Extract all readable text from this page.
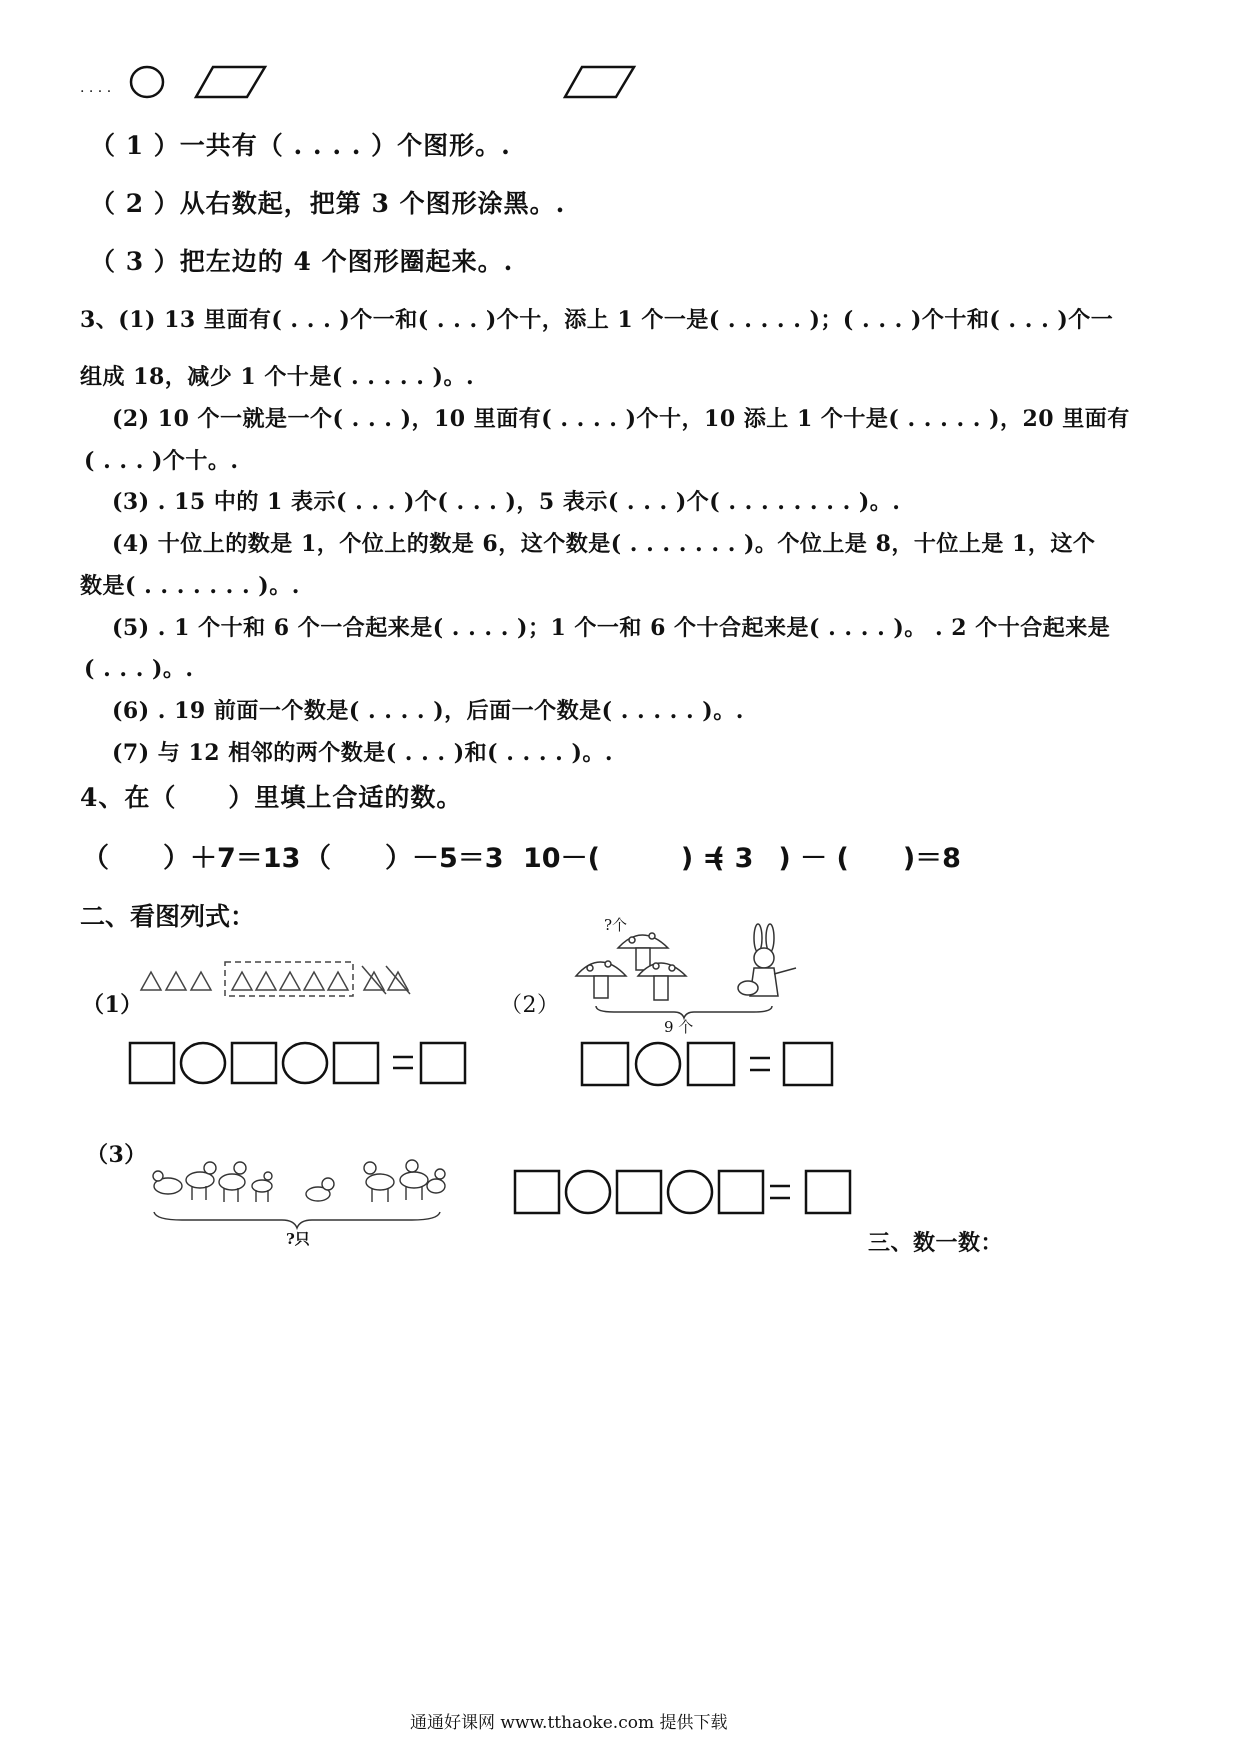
. . . .
（ 1 ）一共有（ . . . . ）个图形。.
（ 2 ）从右数起，把第 3 个图形涂黑。.
（ 3 ）把左边的 4 个图形圈起来。.
3、(1) 13 里面有( . . . )个一和( . . . )个十，添上 1 个一是( . . . . . )；( . . . )个十和( . . . )个一
组成 18，减少 1 个十是( . . . . . )。.
(2) 10 个一就是一个( . . . )，10 里面有( . . . . )个十，10 添上 1 个十是( . . . . . )，20 里面有
( . . . )个十。.
(3) . 15 中的 1 表示( . . . )个( . . . )，5 表示( . . . )个( . . . . . . . . )。.
(4) 十位上的数是 1，个位上的数是 6，这个数是( . . . . . . . )。个位上是 8，十位上是 1，这个
数是( . . . . . . . )。.
(5) . 1 个十和 6 个一合起来是( . . . . )；1 个一和 6 个十合起来是( . . . . )。 . 2 个十合起来是
( . . . )。.
(6) . 19 前面一个数是( . . . . )，后面一个数是( . . . . . )。.
(7) 与 12 相邻的两个数是( . . . )和( . . . . )。.
4、在（　　）里填上合适的数。
（　　）＋7＝13 （　　）－5＝3 10－(　　　) = 3
(　　) － (　　)＝8
二、看图列式：
（1）	（2）
?个
9 个
（3）
?只	三、数一数：
通通好课网 www.tthaoke.com 提供下载
